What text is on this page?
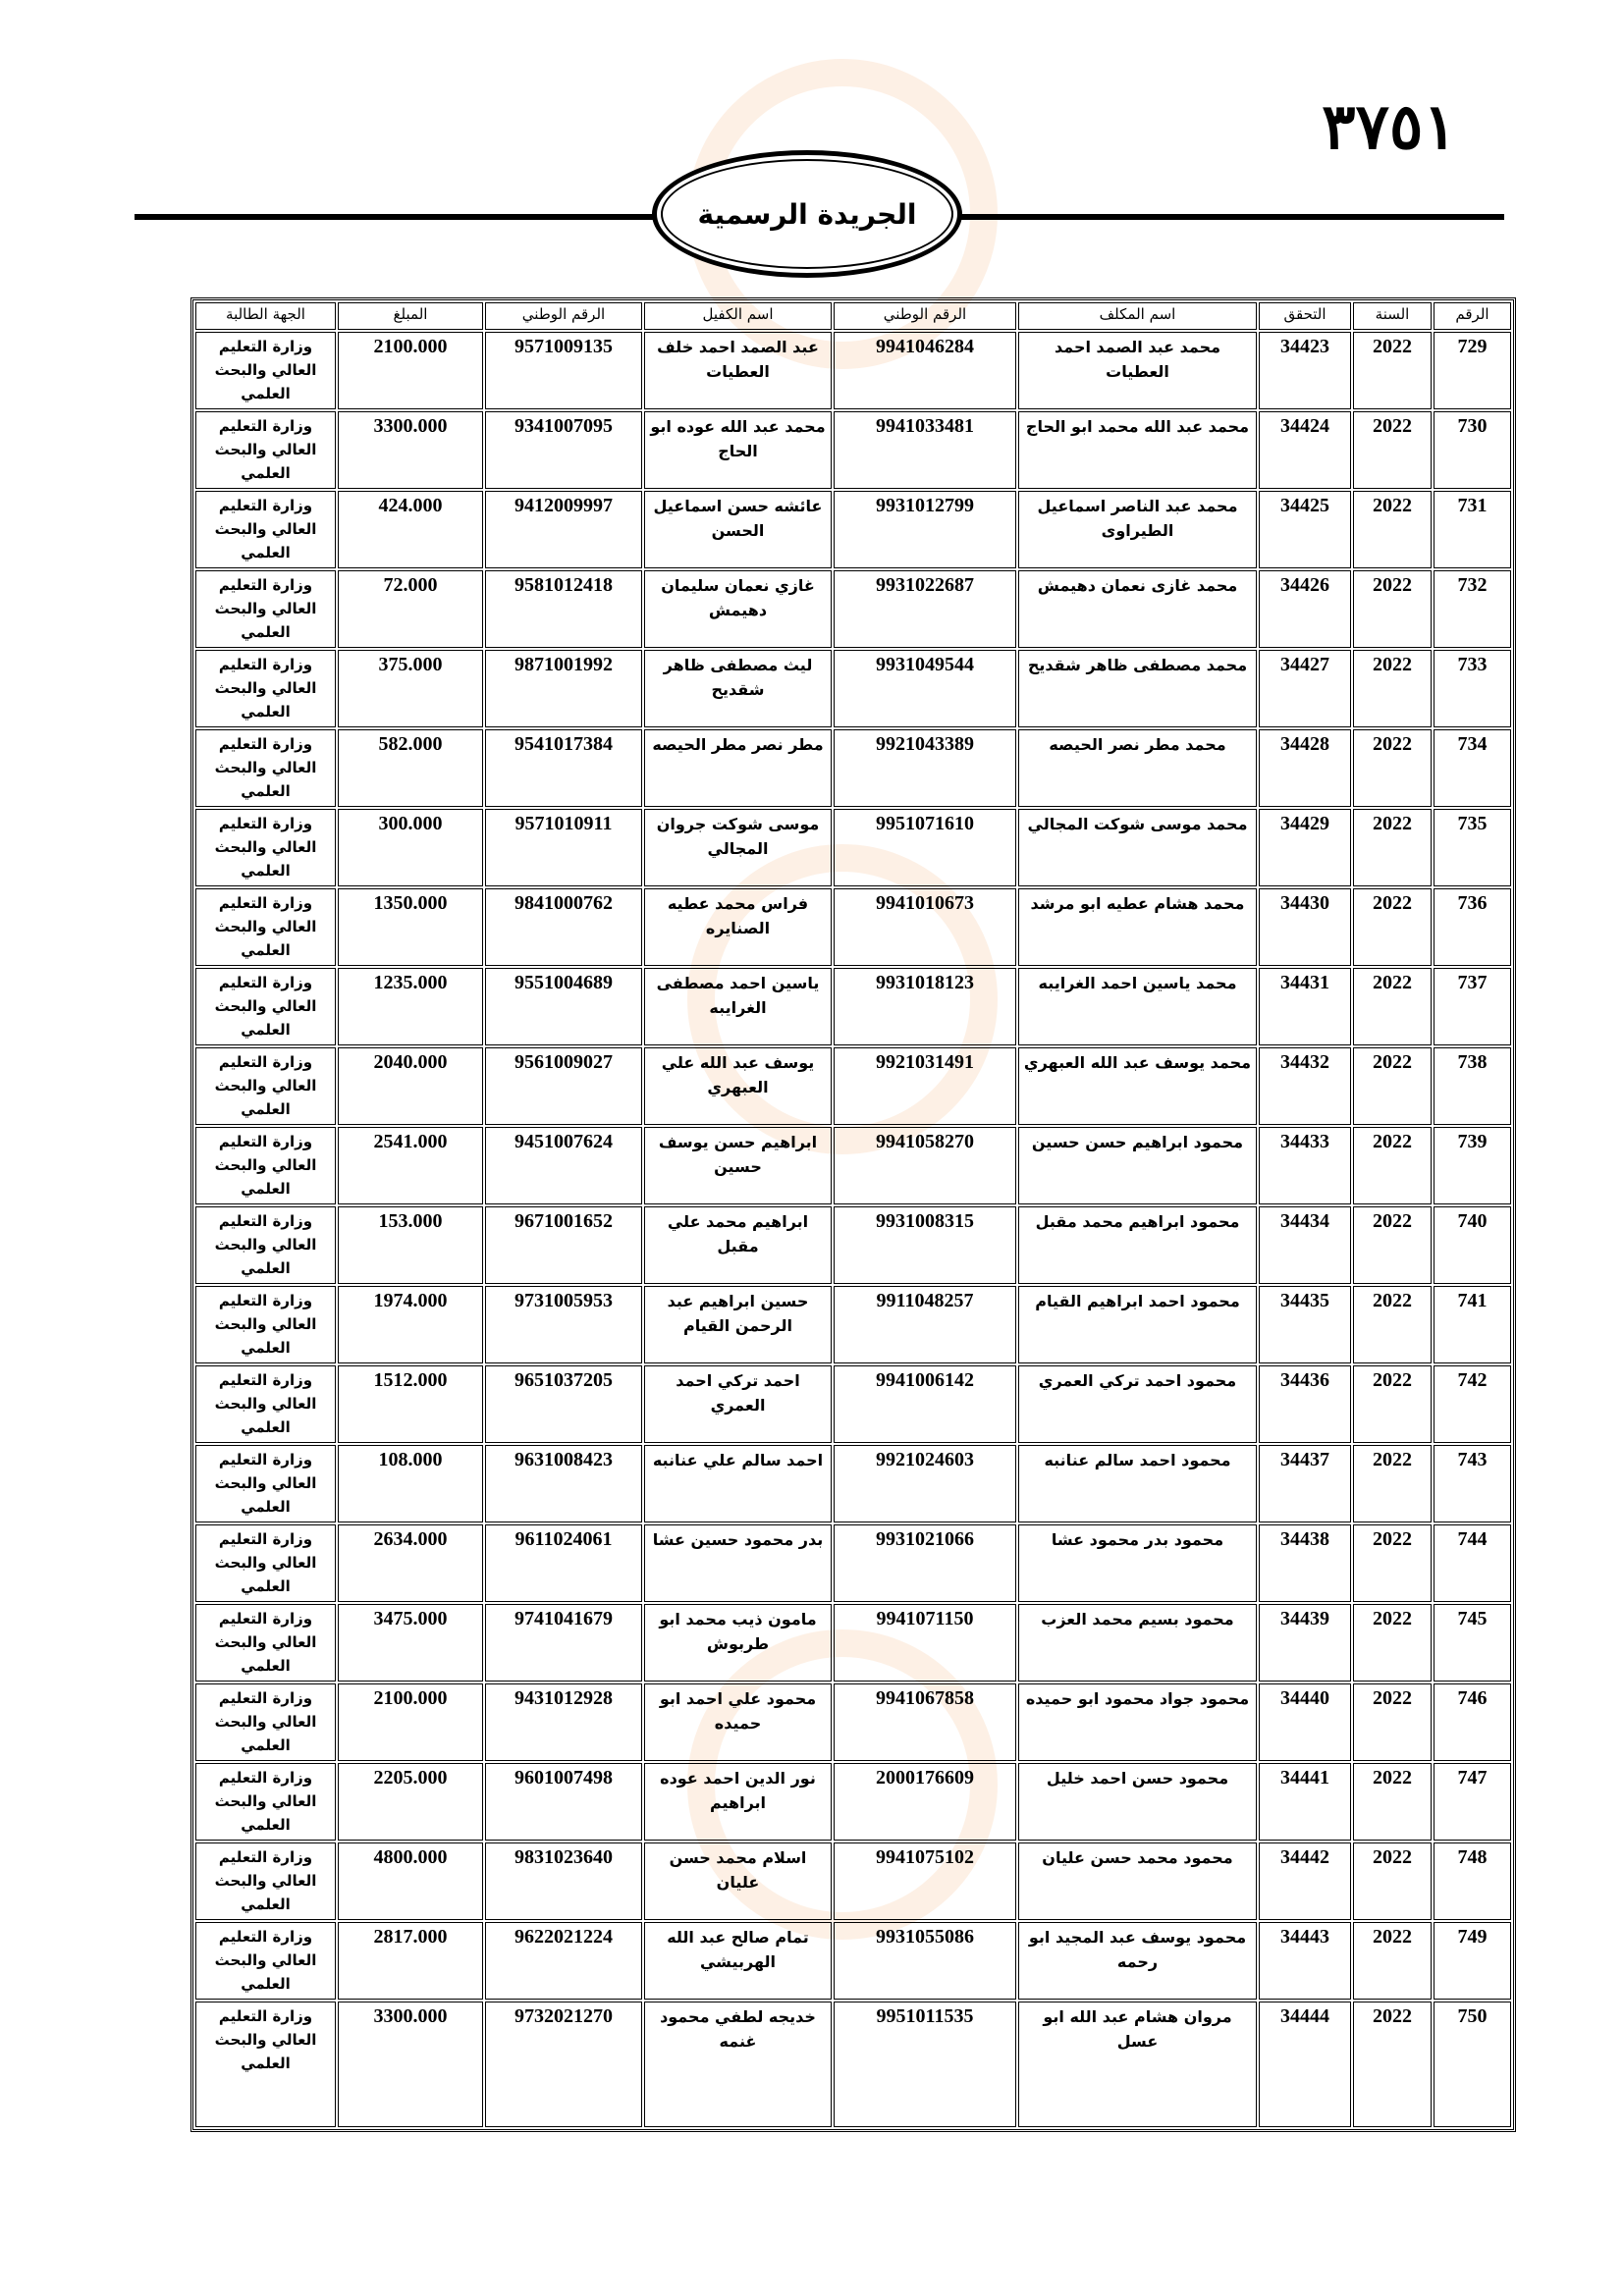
٣٧٥١
الجريدة الرسمية
الرقم	السنة	التحقق	اسم المكلف	الرقم الوطني	اسم الكفيل	الرقم الوطني	المبلغ	الجهة الطالبة
729	2022	34423	محمد عبد الصمد احمد العطيات	9941046284	عبد الصمد احمد خلف العطيات	9571009135	2100.000	وزارة التعليم العالي والبحث العلمي
730	2022	34424	محمد عبد الله محمد ابو الحاج	9941033481	محمد عبد الله عوده ابو الحاج	9341007095	3300.000	وزارة التعليم العالي والبحث العلمي
731	2022	34425	محمد عبد الناصر اسماعيل الطيراوى	9931012799	عائشه حسن اسماعيل الحسن	9412009997	424.000	وزارة التعليم العالي والبحث العلمي
732	2022	34426	محمد غازى نعمان دهيمش	9931022687	غازي نعمان سليمان دهيمش	9581012418	72.000	وزارة التعليم العالي والبحث العلمي
733	2022	34427	محمد مصطفى ظاهر شقديح	9931049544	ليث مصطفى ظاهر شقديح	9871001992	375.000	وزارة التعليم العالي والبحث العلمي
734	2022	34428	محمد مطر نصر الحيصه	9921043389	مطر نصر مطر الحيصه	9541017384	582.000	وزارة التعليم العالي والبحث العلمي
735	2022	34429	محمد موسى شوكت المجالي	9951071610	موسى شوكت جروان المجالي	9571010911	300.000	وزارة التعليم العالي والبحث العلمي
736	2022	34430	محمد هشام عطيه ابو مرشد	9941010673	فراس محمد عطيه الصنايره	9841000762	1350.000	وزارة التعليم العالي والبحث العلمي
737	2022	34431	محمد ياسين احمد الغرايبه	9931018123	ياسين احمد مصطفى الغرايبه	9551004689	1235.000	وزارة التعليم العالي والبحث العلمي
738	2022	34432	محمد يوسف عبد الله العبهري	9921031491	يوسف عبد الله علي العبهري	9561009027	2040.000	وزارة التعليم العالي والبحث العلمي
739	2022	34433	محمود ابراهيم حسن حسين	9941058270	ابراهيم حسن يوسف حسين	9451007624	2541.000	وزارة التعليم العالي والبحث العلمي
740	2022	34434	محمود ابراهيم محمد مقبل	9931008315	ابراهيم محمد علي مقبل	9671001652	153.000	وزارة التعليم العالي والبحث العلمي
741	2022	34435	محمود احمد ابراهيم القيام	9911048257	حسين ابراهيم عبد الرحمن القيام	9731005953	1974.000	وزارة التعليم العالي والبحث العلمي
742	2022	34436	محمود احمد تركي العمري	9941006142	احمد تركي احمد العمري	9651037205	1512.000	وزارة التعليم العالي والبحث العلمي
743	2022	34437	محمود احمد سالم عنانبه	9921024603	احمد سالم علي عنانبه	9631008423	108.000	وزارة التعليم العالي والبحث العلمي
744	2022	34438	محمود بدر محمود عشا	9931021066	بدر محمود حسين عشا	9611024061	2634.000	وزارة التعليم العالي والبحث العلمي
745	2022	34439	محمود بسيم محمد العزب	9941071150	مامون ذيب محمد ابو طربوش	9741041679	3475.000	وزارة التعليم العالي والبحث العلمي
746	2022	34440	محمود جواد محمود ابو حميده	9941067858	محمود علي احمد ابو حميده	9431012928	2100.000	وزارة التعليم العالي والبحث العلمي
747	2022	34441	محمود حسن احمد خليل	2000176609	نور الدين احمد عوده ابراهيم	9601007498	2205.000	وزارة التعليم العالي والبحث العلمي
748	2022	34442	محمود محمد حسن عليان	9941075102	اسلام محمد حسن عليان	9831023640	4800.000	وزارة التعليم العالي والبحث العلمي
749	2022	34443	محمود يوسف عبد المجيد ابو رحمه	9931055086	تمام صالح عبد الله الهربيشي	9622021224	2817.000	وزارة التعليم العالي والبحث العلمي
750	2022	34444	مروان هشام عبد الله ابو عسل	9951011535	خديجه لطفي محمود غنمه	9732021270	3300.000	وزارة التعليم العالي والبحث العلمي
